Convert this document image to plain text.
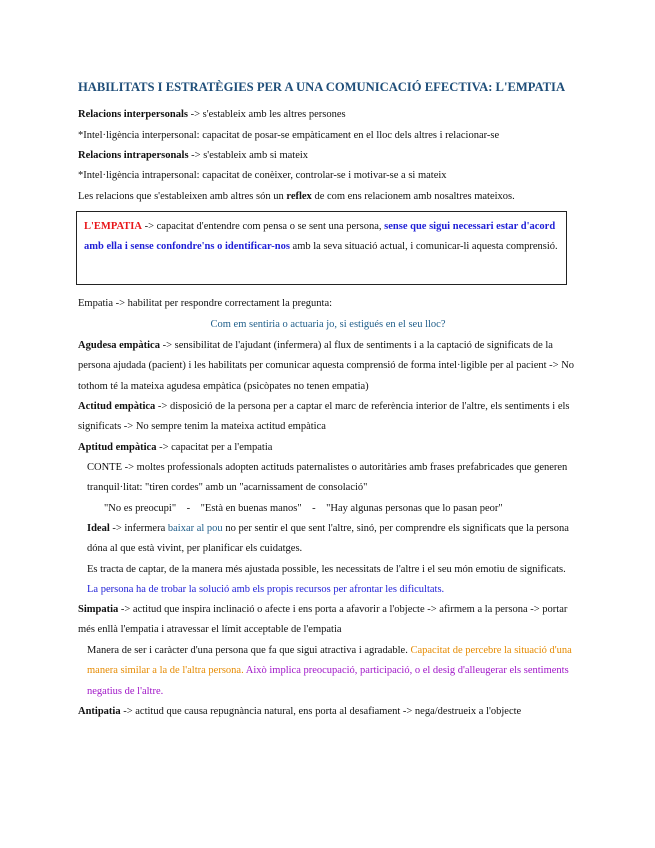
HABILITATS I ESTRATÈGIES PER A UNA COMUNICACIÓ EFECTIVA: L'EMPATIA

Relacions interpersonals -> s'estableix amb les altres persones

*Intel·ligència interpersonal: capacitat de posar-se empàticament en el lloc dels altres i relacionar-se

Relacions intrapersonals -> s'estableix amb si mateix

*Intel·ligència intrapersonal: capacitat de conèixer, controlar-se i motivar-se a si mateix

Les relacions que s'estableixen amb altres són un reflex de com ens relacionem amb nosaltres mateixos.

L'EMPATIA -> capacitat d'entendre com pensa o se sent una persona, sense que sigui necessari estar d'acord amb ella i sense confondre'ns o identificar-nos amb la seva situació actual, i comunicar-li aquesta comprensió.

Empatia -> habilitat per respondre correctament la pregunta:

Com em sentiria o actuaria jo, si estigués en el seu lloc?

Agudesa empàtica -> sensibilitat de l'ajudant (infermera) al flux de sentiments i a la captació de significats de la persona ajudada (pacient) i les habilitats per comunicar aquesta comprensió de forma intel·ligible per al pacient -> No tothom té la mateixa agudesa empàtica (psicòpates no tenen empatia)

Actitud empàtica -> disposició de la persona per a captar el marc de referència interior de l'altre, els sentiments i els significats -> No sempre tenim la mateixa actitud empàtica

Aptitud empàtica -> capacitat per a l'empatia

CONTE -> moltes professionals adopten actituds paternalistes o autoritàries amb frases prefabricades que generen tranquil·litat: "tiren cordes" amb un "acarnissament de consolació"

"No es preocupi"    -    "Està en buenas manos"    -    "Hay algunas personas que lo pasan peor"

Ideal -> infermera baixar al pou no per sentir el que sent l'altre, sinó, per comprendre els significats que la persona dóna al que està vivint, per planificar els cuidatges.

Es tracta de captar, de la manera més ajustada possible, les necessitats de l'altre i el seu món emotiu de significats. La persona ha de trobar la solució amb els propis recursos per afrontar les dificultats.

Simpatia -> actitud que inspira inclinació o afecte i ens porta a afavorir a l'objecte -> afirmem a la persona -> portar més enllà l'empatia i atravessar el límit acceptable de l'empatia

Manera de ser i caràcter d'una persona que fa que sigui atractiva i agradable. Capacitat de percebre la situació d'una manera similar a la de l'altra persona. Això implica preocupació, participació, o el desig d'alleugerar els sentiments negatius de l'altre.

Antipatia -> actitud que causa repugnància natural, ens porta al desafiament -> nega/destrueix a l'objecte
